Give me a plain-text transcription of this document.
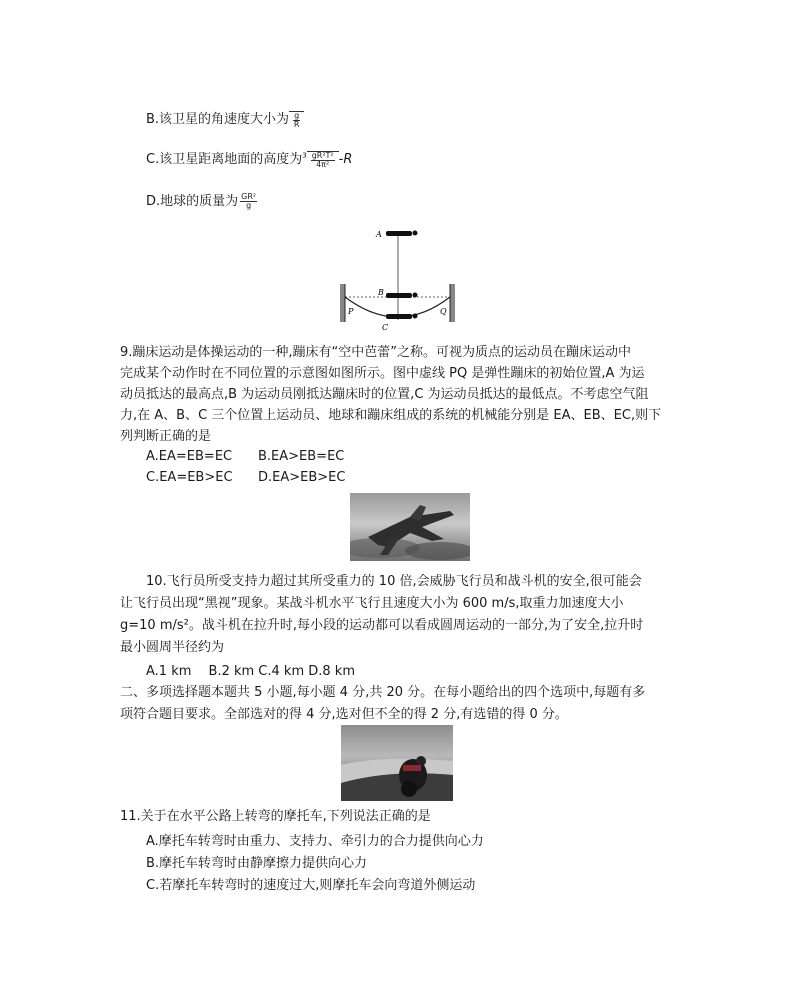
B.该卫星的角速度大小为 $\frac{g}{R}$
C.该卫星距离地面的高度为$^3 \frac{\text{gR²T²}}{\text{4π²}} -R$
D.地球的质量为 $\frac{\text{GR²}}{g}$
A
B
P	Q
C
9.蹦床运动是体操运动的一种,蹦床有“空中芭蕾”之称。可视为质点的运动员在蹦床运动中
完成某个动作时在不同位置的示意图如图所示。图中虚线 PQ 是弹性蹦床的初始位置,A 为运
动员抵达的最高点,B 为运动员刚抵达蹦床时的位置,C 为运动员抵达的最低点。不考虑空气阻
力,在 A、B、C 三个位置上运动员、地球和蹦床组成的系统的机械能分别是 EA、EB、EC,则下
列判断正确的是
A.EA=EB=EC B.EA>EB=EC
C.EA=EB>EC D.EA>EB>EC
10.飞行员所受支持力超过其所受重力的 10 倍,会威胁飞行员和战斗机的安全,很可能会
让飞行员出现“黑视”现象。某战斗机水平飞行且速度大小为 600 m/s,取重力加速度大小
g=10 m/s²。战斗机在拉升时,每小段的运动都可以看成圆周运动的一部分,为了安全,拉升时
最小圆周半径约为
A.1 km　 B.2 km C.4 km D.8 km
二、多项选择题本题共 5 小题,每小题 4 分,共 20 分。在每小题给出的四个选项中,每题有多
项符合题目要求。全部选对的得 4 分,选对但不全的得 2 分,有选错的得 0 分。
11.关于在水平公路上转弯的摩托车,下列说法正确的是
A.摩托车转弯时由重力、支持力、牵引力的合力提供向心力
B.摩托车转弯时由静摩擦力提供向心力
C.若摩托车转弯时的速度过大,则摩托车会向弯道外侧运动
